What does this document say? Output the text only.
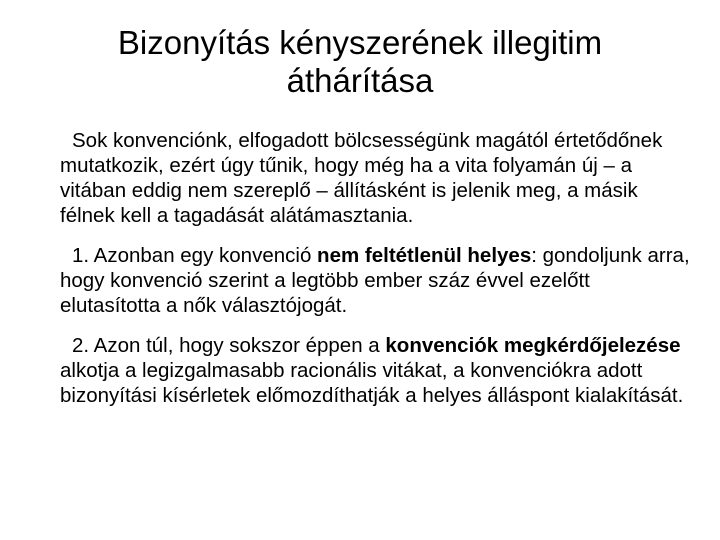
Bizonyítás kényszerének illegitim
áthárítása

Sok konvenciónk, elfogadott bölcsességünk magától értetődőnek mutatkozik, ezért úgy tűnik, hogy még ha a vita folyamán új – a vitában eddig nem szereplő – állításként is jelenik meg, a másik félnek kell a tagadását alátámasztania.

1. Azonban egy konvenció nem feltétlenül helyes: gondoljunk arra, hogy konvenció szerint a legtöbb ember száz évvel ezelőtt elutasította a nők választójogát.

2. Azon túl, hogy sokszor éppen a konvenciók megkérdőjelezése alkotja a legizgalmasabb racionális vitákat, a konvenciókra adott bizonyítási kísérletek előmozdíthatják a helyes álláspont kialakítását.
